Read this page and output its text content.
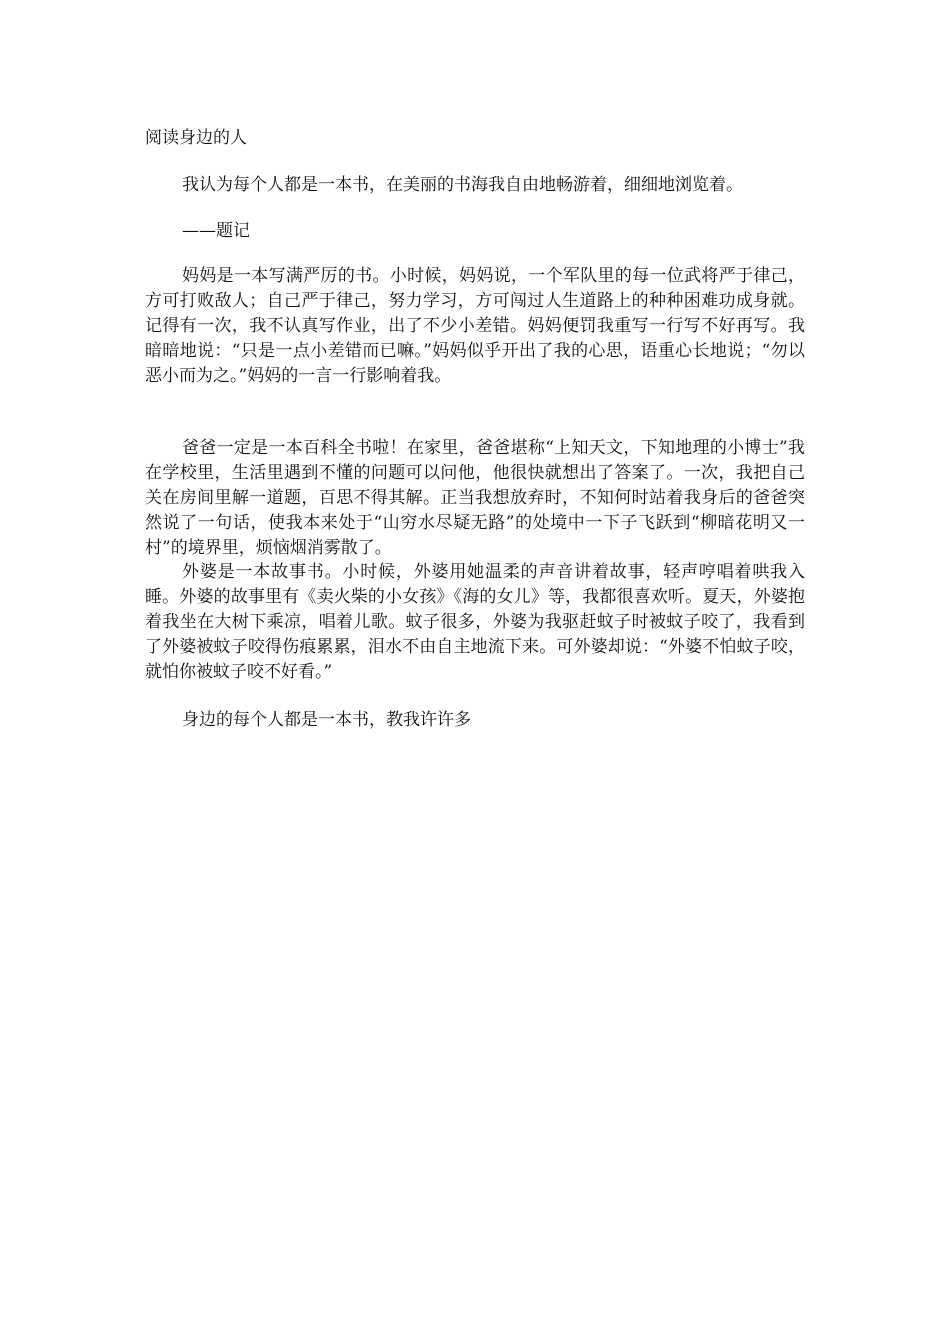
阅读身边的人

我认为每个人都是一本书，在美丽的书海我自由地畅游着，细细地浏览着。

——题记

妈妈是一本写满严厉的书。小时候，妈妈说，一个军队里的每一位武将严于律己，方可打败敌人；自己严于律己，努力学习，方可闯过人生道路上的种种困难功成身就。记得有一次，我不认真写作业，出了不少小差错。妈妈便罚我重写一行写不好再写。我暗暗地说：“只是一点小差错而已嘛。”妈妈似乎开出了我的心思，语重心长地说；“勿以恶小而为之。”妈妈的一言一行影响着我。

爸爸一定是一本百科全书啦！在家里，爸爸堪称“上知天文，下知地理的小博士”我在学校里，生活里遇到不懂的问题可以问他，他很快就想出了答案了。一次，我把自己关在房间里解一道题，百思不得其解。正当我想放弃时，不知何时站着我身后的爸爸突然说了一句话，使我本来处于“山穷水尽疑无路”的处境中一下子飞跃到“柳暗花明又一村”的境界里，烦恼烟消雾散了。

外婆是一本故事书。小时候，外婆用她温柔的声音讲着故事，轻声哼唱着哄我入睡。外婆的故事里有《卖火柴的小女孩》《海的女儿》等，我都很喜欢听。夏天，外婆抱着我坐在大树下乘凉，唱着儿歌。蚊子很多，外婆为我驱赶蚊子时被蚊子咬了，我看到了外婆被蚊子咬得伤痕累累，泪水不由自主地流下来。可外婆却说：“外婆不怕蚊子咬，就怕你被蚊子咬不好看。”

身边的每个人都是一本书，教我许许多
